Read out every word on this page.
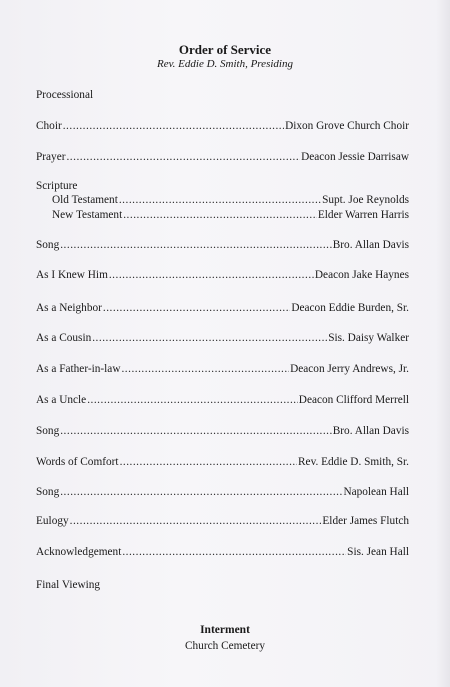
Order of Service
Rev. Eddie D. Smith, Presiding
Processional
Choir .....	Dixon Grove Church Choir
Prayer .....	Deacon Jessie Darrisaw
Scripture
Old Testament .....	Supt. Joe Reynolds
New Testament .....	Elder Warren Harris
Song .....	Bro. Allan Davis
As I Knew Him .....	Deacon Jake Haynes
As a Neighbor .....	Deacon Eddie Burden, Sr.
As a Cousin .....	Sis. Daisy Walker
As a Father-in-law .....	Deacon Jerry Andrews, Jr.
As a Uncle .....	Deacon Clifford Merrell
Song .....	Bro. Allan Davis
Words of Comfort .....	Rev. Eddie D. Smith, Sr.
Song .....	Napolean Hall
Eulogy .....	Elder James Flutch
Acknowledgement .....	Sis. Jean Hall
Final Viewing
Interment
Church Cemetery
